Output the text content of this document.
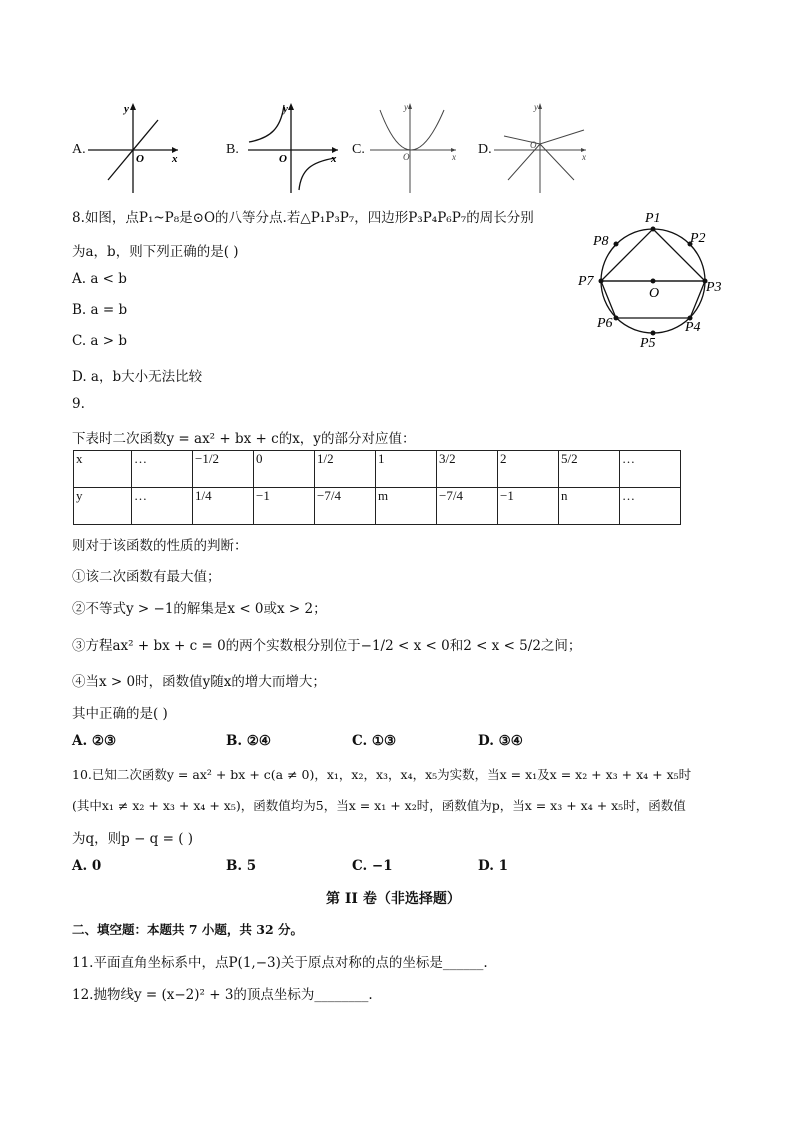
A.
y
x
O
B.
y
x
O
C.
y
x
O	D.
y
x
O
8.如图，点P₁~P₈是⊙O的八等分点.若△P₁P₃P₇，四边形P₃P₄P₆P₇的周长分别
为a，b，则下列正确的是( )
A. a < b
B. a = b
C. a > b
D. a，b大小无法比较
P1
P2
P3
P4
P5
P6
P7
P8
O
9.
下表时二次函数y = ax² + bx + c的x，y的部分对应值：
x	…	−1/2	0	1/2	1	3/2	2	5/2	…
y	…	1/4	−1	−7/4	m	−7/4	−1	n	…
则对于该函数的性质的判断：
①该二次函数有最大值；
②不等式y > −1的解集是x < 0或x > 2；
③方程ax² + bx + c = 0的两个实数根分别位于−1/2 < x < 0和2 < x < 5/2之间；
④当x > 0时，函数值y随x的增大而增大；
其中正确的是( )
A. ②③	B. ②④	C. ①③	D. ③④
10.已知二次函数y = ax² + bx + c(a ≠ 0)，x₁，x₂，x₃，x₄，x₅为实数，当x = x₁及x = x₂ + x₃ + x₄ + x₅时
(其中x₁ ≠ x₂ + x₃ + x₄ + x₅)，函数值均为5，当x = x₁ + x₂时，函数值为p，当x = x₃ + x₄ + x₅时，函数值
为q，则p − q = ( )
A. 0	B. 5	C. −1	D. 1
第 II 卷（非选择题）
二、填空题：本题共 7 小题，共 32 分。
11.平面直角坐标系中，点P(1,−3)关于原点对称的点的坐标是______.
12.抛物线y = (x−2)² + 3的顶点坐标为________.
